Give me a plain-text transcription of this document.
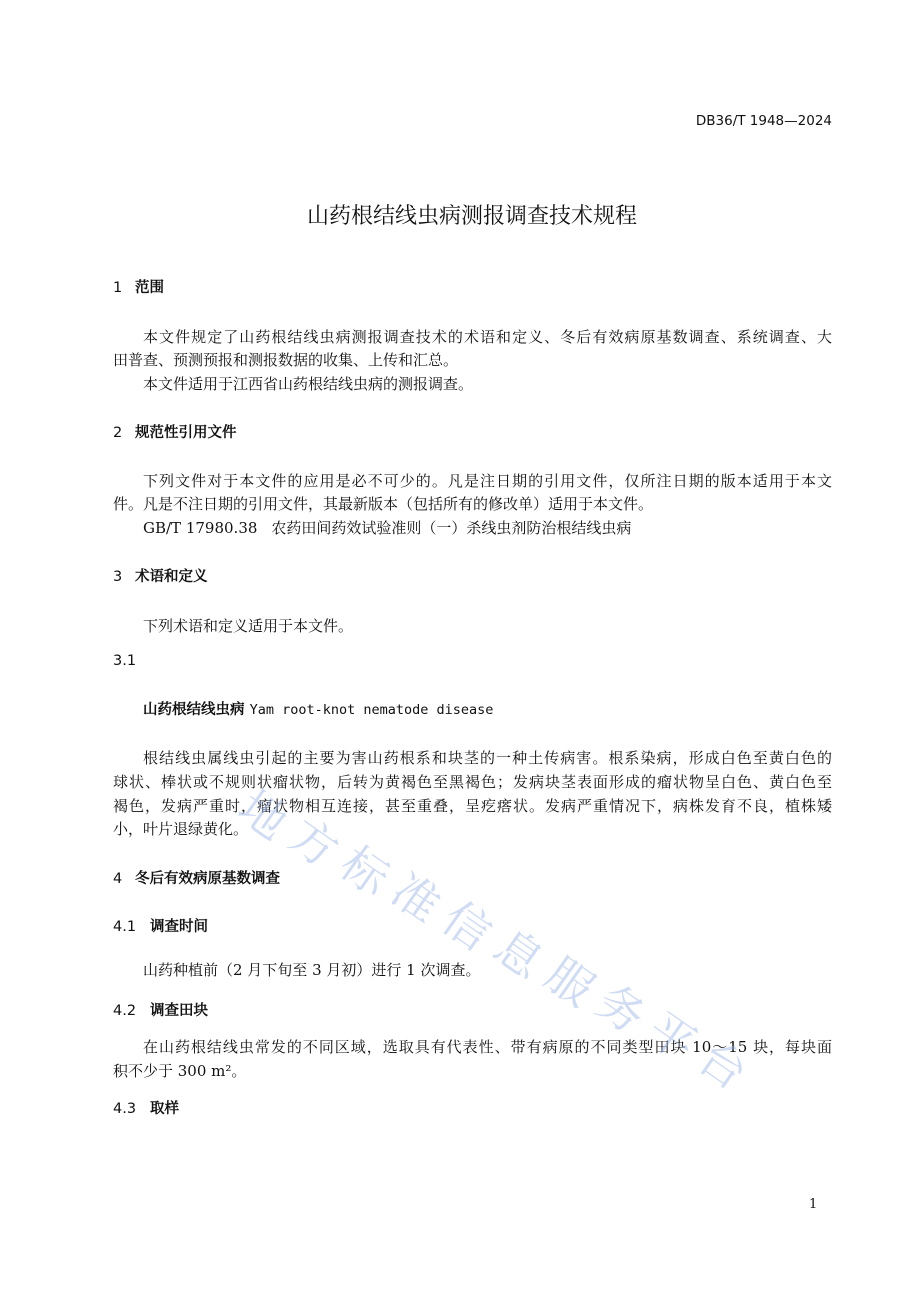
DB36/T 1948—2024
山药根结线虫病测报调查技术规程
1 范围
本文件规定了山药根结线虫病测报调查技术的术语和定义、冬后有效病原基数调查、系统调查、大
田普查、预测预报和测报数据的收集、上传和汇总。
本文件适用于江西省山药根结线虫病的测报调查。
2 规范性引用文件
下列文件对于本文件的应用是必不可少的。凡是注日期的引用文件，仅所注日期的版本适用于本文
件。凡是不注日期的引用文件，其最新版本（包括所有的修改单）适用于本文件。
GB/T 17980.38 农药田间药效试验准则（一）杀线虫剂防治根结线虫病
3 术语和定义
下列术语和定义适用于本文件。
3.1
山药根结线虫病 Yam root-knot nematode disease
根结线虫属线虫引起的主要为害山药根系和块茎的一种土传病害。根系染病，形成白色至黄白色的
球状、棒状或不规则状瘤状物，后转为黄褐色至黑褐色；发病块茎表面形成的瘤状物呈白色、黄白色至
褐色，发病严重时，瘤状物相互连接，甚至重叠，呈疙瘩状。发病严重情况下，病株发育不良，植株矮
小，叶片退绿黄化。
4 冬后有效病原基数调查
4.1 调查时间
山药种植前（2 月下旬至 3 月初）进行 1 次调查。
4.2 调查田块
在山药根结线虫常发的不同区域，选取具有代表性、带有病原的不同类型田块 10～15 块，每块面
积不少于 300 m²。
4.3 取样
1
地
方
标
准
信
息
服
务
平
台
